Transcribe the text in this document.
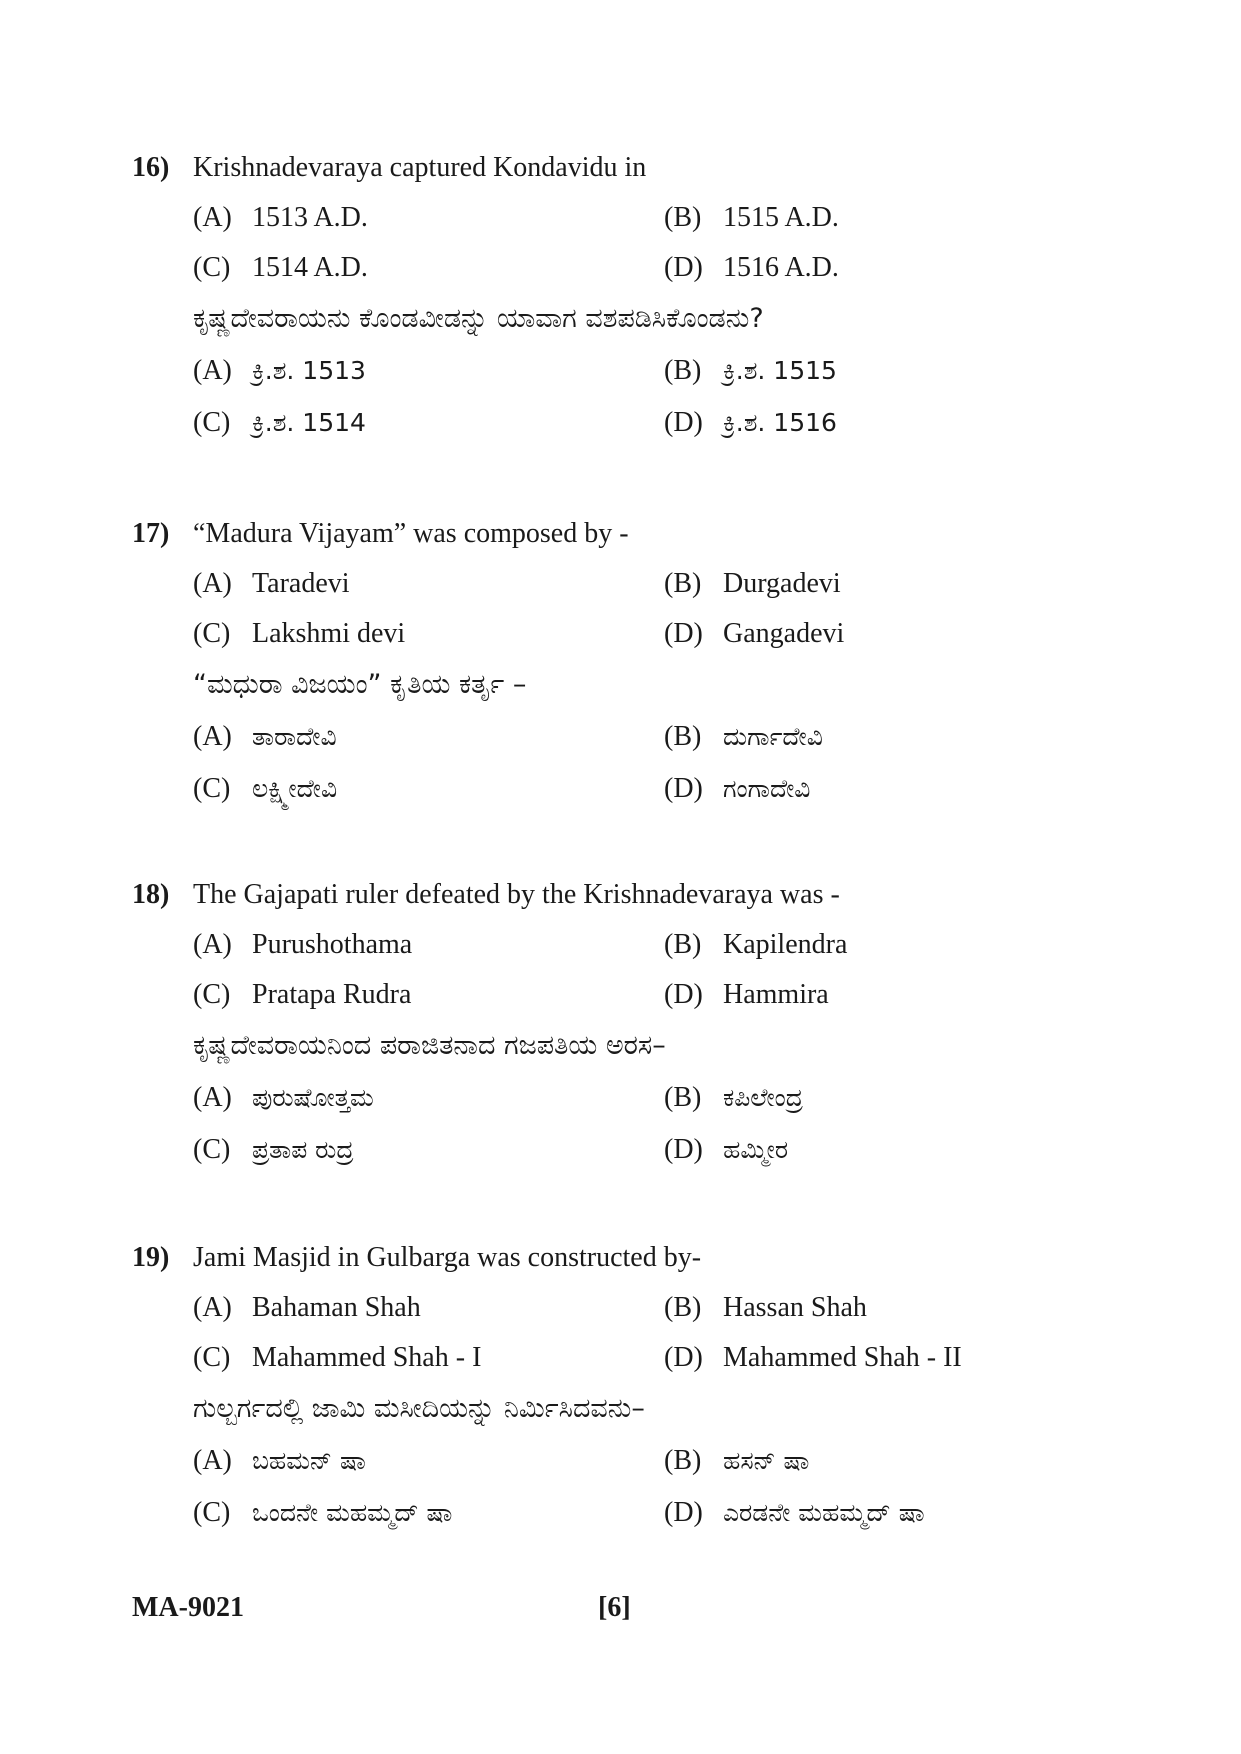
16) Krishnadevaraya captured Kondavidu in
(A) 1513 A.D.	(B) 1515 A.D.
(C) 1514 A.D.	(D) 1516 A.D.
ಕೃಷ್ಣದೇವರಾಯನು ಕೊಂಡವೀಡನ್ನು ಯಾವಾಗ ವಶಪಡಿಸಿಕೊಂಡನು?
(A) ಕ್ರಿ.ಶ. 1513	(B) ಕ್ರಿ.ಶ. 1515
(C) ಕ್ರಿ.ಶ. 1514	(D) ಕ್ರಿ.ಶ. 1516
17) “Madura Vijayam” was composed by -
(A) Taradevi	(B) Durgadevi
(C) Lakshmi devi	(D) Gangadevi
“ಮಧುರಾ ವಿಜಯಂ” ಕೃತಿಯ ಕರ್ತೃ –
(A) ತಾರಾದೇವಿ	(B) ದುರ್ಗಾದೇವಿ
(C) ಲಕ್ಷ್ಮೀದೇವಿ	(D) ಗಂಗಾದೇವಿ
18) The Gajapati ruler defeated by the Krishnadevaraya was -
(A) Purushothama	(B) Kapilendra
(C) Pratapa Rudra	(D) Hammira
ಕೃಷ್ಣದೇವರಾಯನಿಂದ ಪರಾಜಿತನಾದ ಗಜಪತಿಯ ಅರಸ–
(A) ಪುರುಷೋತ್ತಮ	(B) ಕಪಿಲೇಂದ್ರ
(C) ಪ್ರತಾಪ ರುದ್ರ	(D) ಹಮ್ಮೀರ
19) Jami Masjid in Gulbarga was constructed by-
(A) Bahaman Shah	(B) Hassan Shah
(C) Mahammed Shah - I	(D) Mahammed Shah - II
ಗುಲ್ಬರ್ಗದಲ್ಲಿ ಜಾಮಿ ಮಸೀದಿಯನ್ನು ನಿರ್ಮಿಸಿದವನು–
(A) ಬಹಮನ್ ಷಾ	(B) ಹಸನ್ ಷಾ
(C) ಒಂದನೇ ಮಹಮ್ಮದ್ ಷಾ	(D) ಎರಡನೇ ಮಹಮ್ಮದ್ ಷಾ
MA-9021	[6]
